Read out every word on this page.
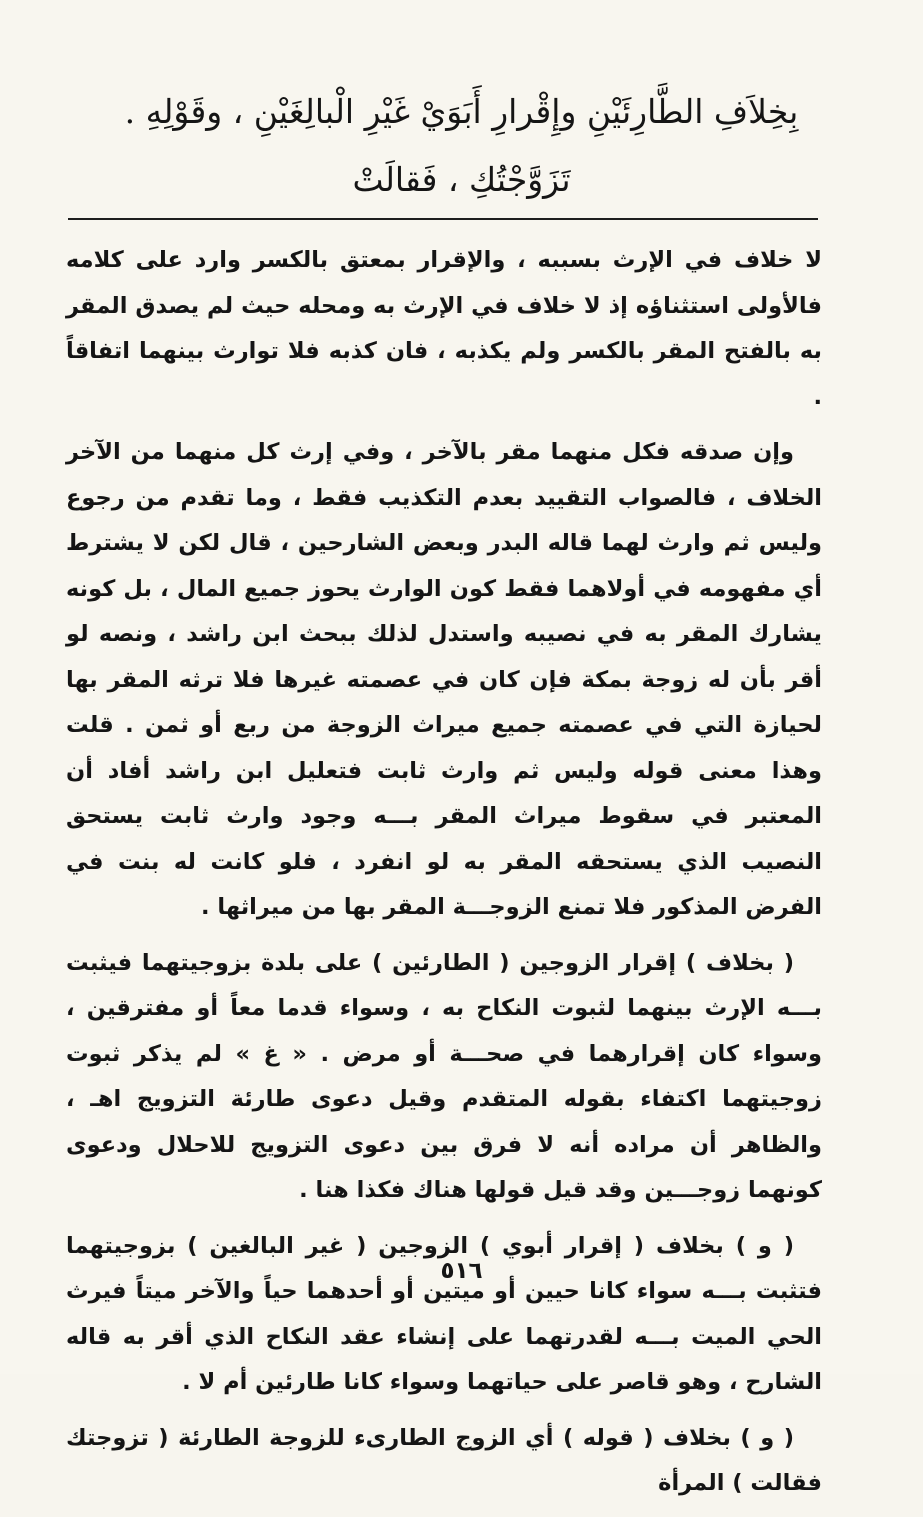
بِخِلاَفِ الطَّارِئَيْنِ وإِقْرارِ أَبَوَيْ غَيْرِ الْبالِغَيْنِ ، وقَوْلِهِ .
تَزَوَّجْتُكِ ، فَقالَتْ

لا خلاف في الإرث بسببه ، والإقرار بمعتق بالكسر وارد على كلامه فالأولى استثناؤه إذ لا خلاف في الإرث به ومحله حيث لم يصدق المقر به بالفتح المقر بالكسر ولم يكذبه ، فان كذبه فلا توارث بينهما اتفاقاً .

وإن صدقه فكل منهما مقر بالآخر ، وفي إرث كل منهما من الآخر الخلاف ، فالصواب التقييد بعدم التكذيب فقط ، وما تقدم من رجوع وليس ثم وارث لهما قاله البدر وبعض الشارحين ، قال لكن لا يشترط أي مفهومه في أولاهما فقط كون الوارث يحوز جميع المال ، بل كونه يشارك المقر به في نصيبه واستدل لذلك ببحث ابن راشد ، ونصه لو أقر بأن له زوجة بمكة فإن كان في عصمته غيرها فلا ترثه المقر بها لحيازة التي في عصمته جميع ميراث الزوجة من ربع أو ثمن . قلت وهذا معنى قوله وليس ثم وارث ثابت فتعليل ابن راشد أفاد أن المعتبر في سقوط ميراث المقر بـــه وجود وارث ثابت يستحق النصيب الذي يستحقه المقر به لو انفرد ، فلو كانت له بنت في الفرض المذكور فلا تمنع الزوجـــة المقر بها من ميراثها .

( بخلاف ) إقرار الزوجين ( الطارئين ) على بلدة بزوجيتهما فيثبت بـــه الإرث بينهما لثبوت النكاح به ، وسواء قدما معاً أو مفترقين ، وسواء كان إقرارهما في صحـــة أو مرض . « غ » لم يذكر ثبوت زوجيتهما اكتفاء بقوله المتقدم وقيل دعوى طارئة التزويج اهـ ، والظاهر أن مراده أنه لا فرق بين دعوى التزويج للاحلال ودعوى كونهما زوجـــين وقد قيل قولها هناك فكذا هنا .

( و ) بخلاف ( إقرار أبوي ) الزوجين ( غير البالغين ) بزوجيتهما فتثبت بـــه سواء كانا حيين أو ميتين أو أحدهما حياً والآخر ميتاً فيرث الحي الميت بـــه لقدرتهما على إنشاء عقد النكاح الذي أقر به قاله الشارح ، وهو قاصر على حياتهما وسواء كانا طارئين أم لا .

( و ) بخلاف ( قوله ) أي الزوج الطارىء للزوجة الطارئة ( تزوجتك فقالت ) المرأة

٥١٦
